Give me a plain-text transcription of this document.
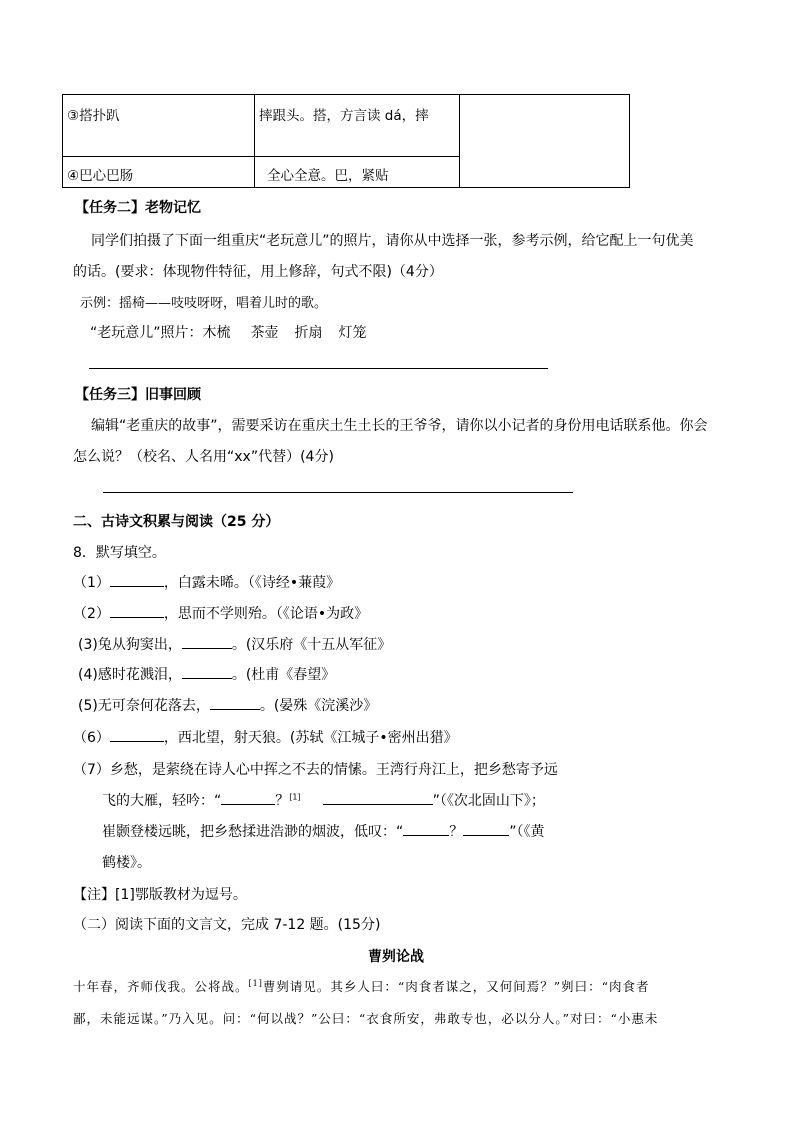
③搭扑趴	摔跟头。搭，方言读 dá，摔	
④巴心巴肠	全心全意。巴，紧贴	
【任务二】老物记忆
同学们拍摄了下面一组重庆“老玩意儿”的照片，请你从中选择一张，参考示例，给它配上一句优美
的话。(要求：体现物件特征，用上修辞，句式不限)（4分）
示例：摇椅——吱吱呀呀，唱着儿时的歌。
“老玩意儿”照片：木梳 茶壶 折扇 灯笼
【任务三】旧事回顾
编辑“老重庆的故事”，需要采访在重庆土生土长的王爷爷，请你以小记者的身份用电话联系他。你会
怎么说？（校名、人名用“xx”代替）(4分)
二、古诗文积累与阅读（25 分）
8．默写填空。
（1）	，白露未晞。（《诗经•蒹葭》
（2）	，思而不学则殆。（《论语•为政》
(3)兔从狗窦出，	。(汉乐府《十五从军征》
(4)感时花溅泪，	。(杜甫《春望》
(5)无可奈何花落去，	。(晏殊《浣溪沙》
（6）	，西北望，射天狼。(苏轼《江城子•密州出猎》
（7）乡愁，是萦绕在诗人心中挥之不去的情愫。王湾行舟江上，把乡愁寄予远
飞的大雁，轻吟：“	？[1]	”（《次北固山下》；
崔颢登楼远眺，把乡愁揉进浩渺的烟波，低叹：“	？	”（《黄
鹤楼》。
【注】[1]鄂版教材为逗号。
（二）阅读下面的文言文，完成 7-12 题。(15分)
曹刿论战
十年春，齐师伐我。公将战。[1]曹刿请见。其乡人曰：“肉食者谋之，又何间焉？”刿曰：“肉食者
鄙，未能远谋。”乃入见。问：“何以战？”公曰：“衣食所安，弗敢专也，必以分人。”对曰：“小惠未
